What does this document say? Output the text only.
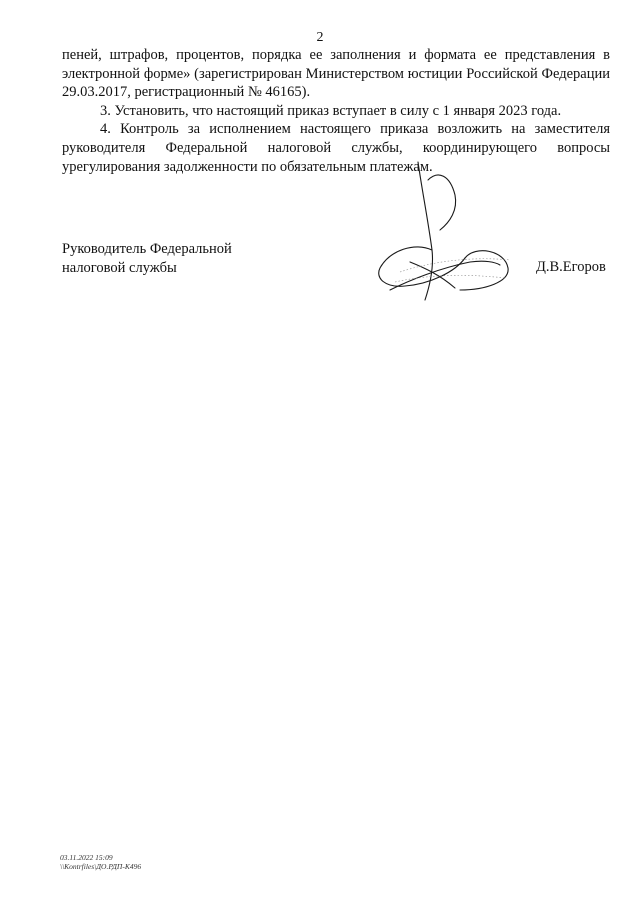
2

пеней, штрафов, процентов, порядка ее заполнения и формата ее представления в электронной форме» (зарегистрирован Министерством юстиции Российской Федерации 29.03.2017, регистрационный № 46165).

3. Установить, что настоящий приказ вступает в силу с 1 января 2023 года.

4. Контроль за исполнением настоящего приказа возложить на заместителя руководителя Федеральной налоговой службы, координирующего вопросы урегулирования задолженности по обязательным платежам.

Руководитель Федеральной
налоговой службы	Д.В.Егоров
03.11.2022 15:09
\\Kontrfiles\ДО.РДП-К496
